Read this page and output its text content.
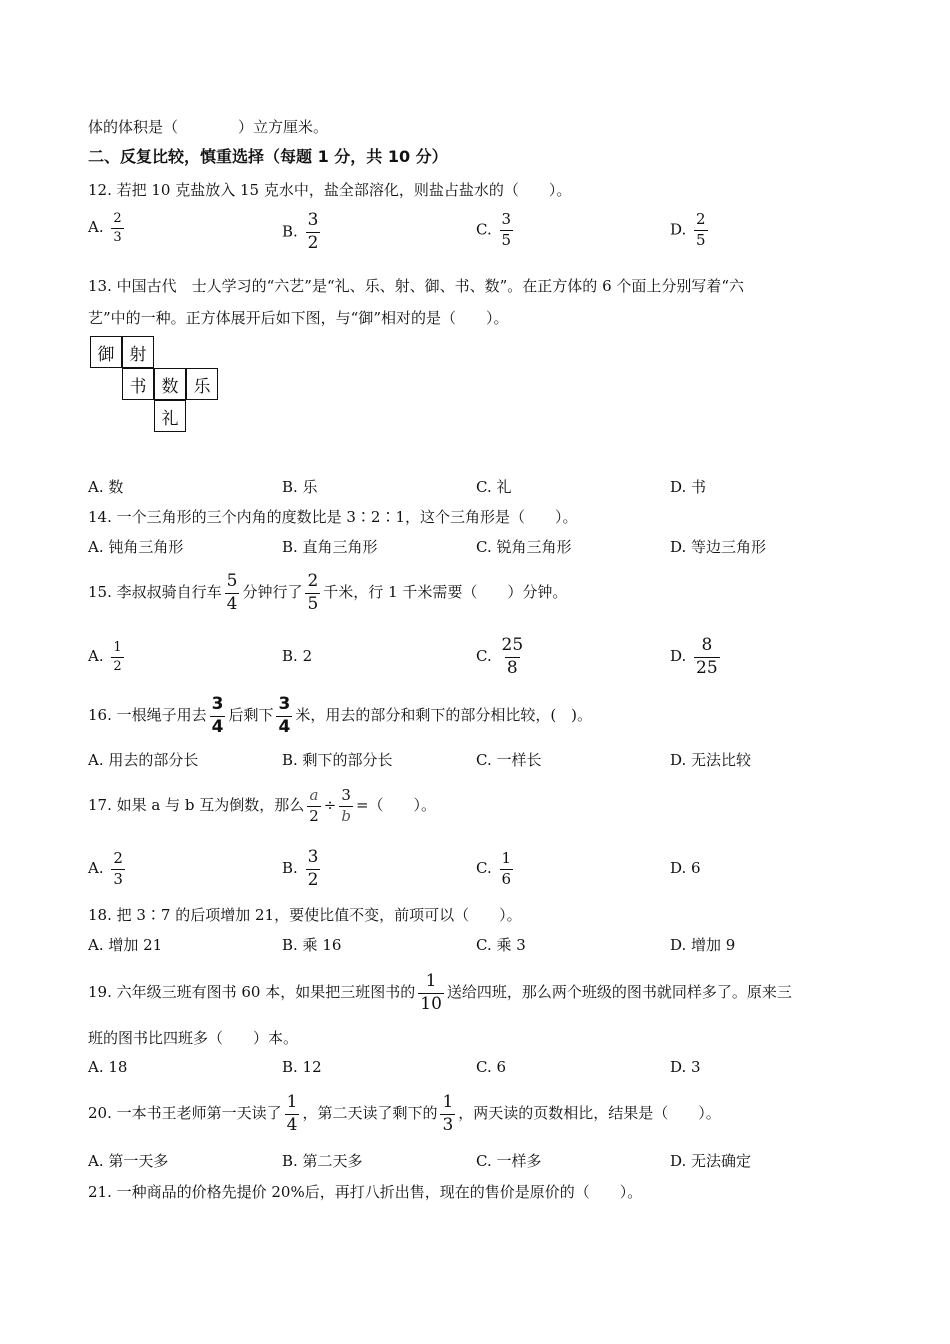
体的体积是（　　　　）立方厘米。
二、反复比较，慎重选择（每题 1 分，共 10 分）
12. 若把 10 克盐放入 15 克水中，盐全部溶化，则盐占盐水的（　　）。
A. $\frac{2}{3}$	B. $\frac{3}{2}$	C. $\frac{3}{5}$	D. $\frac{2}{5}$
13. 中国古代　士人学习的“六艺”是“礼、乐、射、御、书、数”。在正方体的 6 个面上分别写着“六
艺”中的一种。正方体展开后如下图，与“御”相对的是（　　）。
御 射
书 数 乐
礼
A. 数	B. 乐	C. 礼	D. 书
14. 一个三角形的三个内角的度数比是 3∶2∶1，这个三角形是（　　）。
A. 钝角三角形	B. 直角三角形	C. 锐角三角形	D. 等边三角形
15. 李叔叔骑自行车 $\frac{5}{4}$ 分钟行了 $\frac{2}{5}$ 千米，行 1 千米需要（　　）分钟。
A. $\frac{1}{2}$	B. 2	C. $\frac{25}{8}$	D. $\frac{8}{25}$
16. 一根绳子用去 $\frac{3}{4}$ 后剩下 $\frac{3}{4}$ 米，用去的部分和剩下的部分相比较，(　)。
A. 用去的部分长	B. 剩下的部分长	C. 一样长	D. 无法比较
17. 如果 a 与 b 互为倒数，那么 $\frac{a}{2} \div \frac{3}{b}$ =（　　）。
A. $\frac{2}{3}$	B. $\frac{3}{2}$	C. $\frac{1}{6}$	D. 6
18. 把 3∶7 的后项增加 21，要使比值不变，前项可以（　　）。
A. 增加 21	B. 乘 16	C. 乘 3	D. 增加 9
19. 六年级三班有图书 60 本，如果把三班图书的 $\frac{1}{10}$ 送给四班，那么两个班级的图书就同样多了。原来三
班的图书比四班多（　　）本。
A. 18	B. 12	C. 6	D. 3
20. 一本书王老师第一天读了 $\frac{1}{4}$ ，第二天读了剩下的 $\frac{1}{3}$ ，两天读的页数相比，结果是（　　）。
A. 第一天多	B. 第二天多	C. 一样多	D. 无法确定
21. 一种商品的价格先提价 20%后，再打八折出售，现在的售价是原价的（　　）。
